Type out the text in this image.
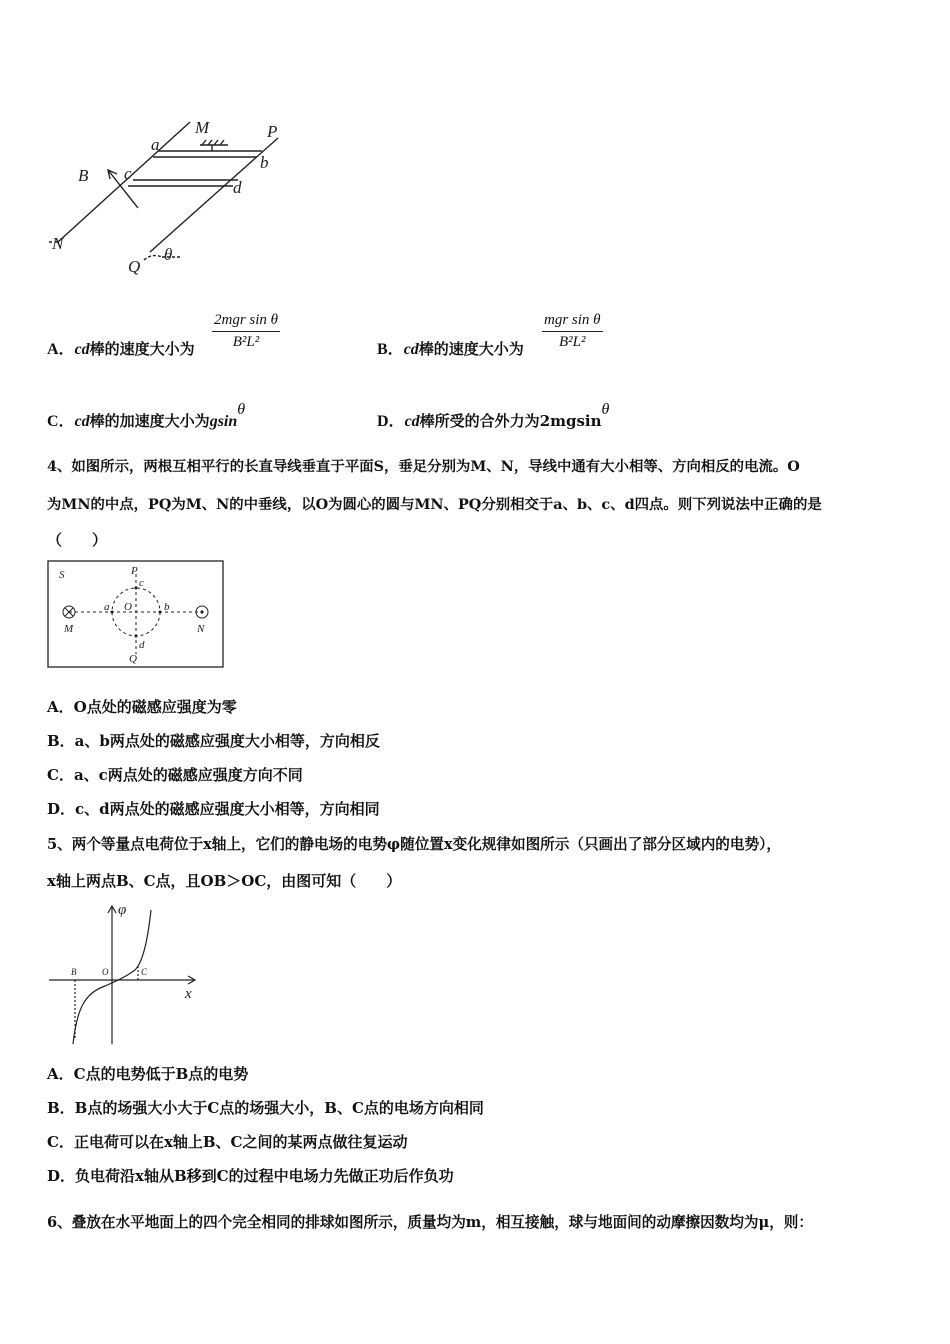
M	P
a
b
c
d
B
N
Q
θ
A．cd棒的速度大小为
2mgr sin θ
B²L²	B．cd棒的速度大小为
mgr sin θ
B²L²
C．cd棒的加速度大小为gsinθ
D．cd棒所受的合外力为2mgsinθ
4、如图所示，两根互相平行的长直导线垂直于平面S，垂足分别为M、N，导线中通有大小相等、方向相反的电流。O
为MN的中点，PQ为M、N的中垂线，以O为圆心的圆与MN、PQ分别相交于a、b、c、d四点。则下列说法中正确的是
（　　）
S	P
c
a O	b
d
Q
M	N
A．O点处的磁感应强度为零
B．a、b两点处的磁感应强度大小相等，方向相反
C．a、c两点处的磁感应强度方向不同
D．c、d两点处的磁感应强度大小相等，方向相同
5、两个等量点电荷位于x轴上，它们的静电场的电势φ随位置x变化规律如图所示（只画出了部分区域内的电势），
x轴上两点B、C点，且OB＞OC，由图可知（　　）
φ
x
B	O	C
A．C点的电势低于B点的电势
B．B点的场强大小大于C点的场强大小，B、C点的电场方向相同
C．正电荷可以在x轴上B、C之间的某两点做往复运动
D．负电荷沿x轴从B移到C的过程中电场力先做正功后作负功
6、叠放在水平地面上的四个完全相同的排球如图所示，质量均为m，相互接触，球与地面间的动摩擦因数均为μ，则：
